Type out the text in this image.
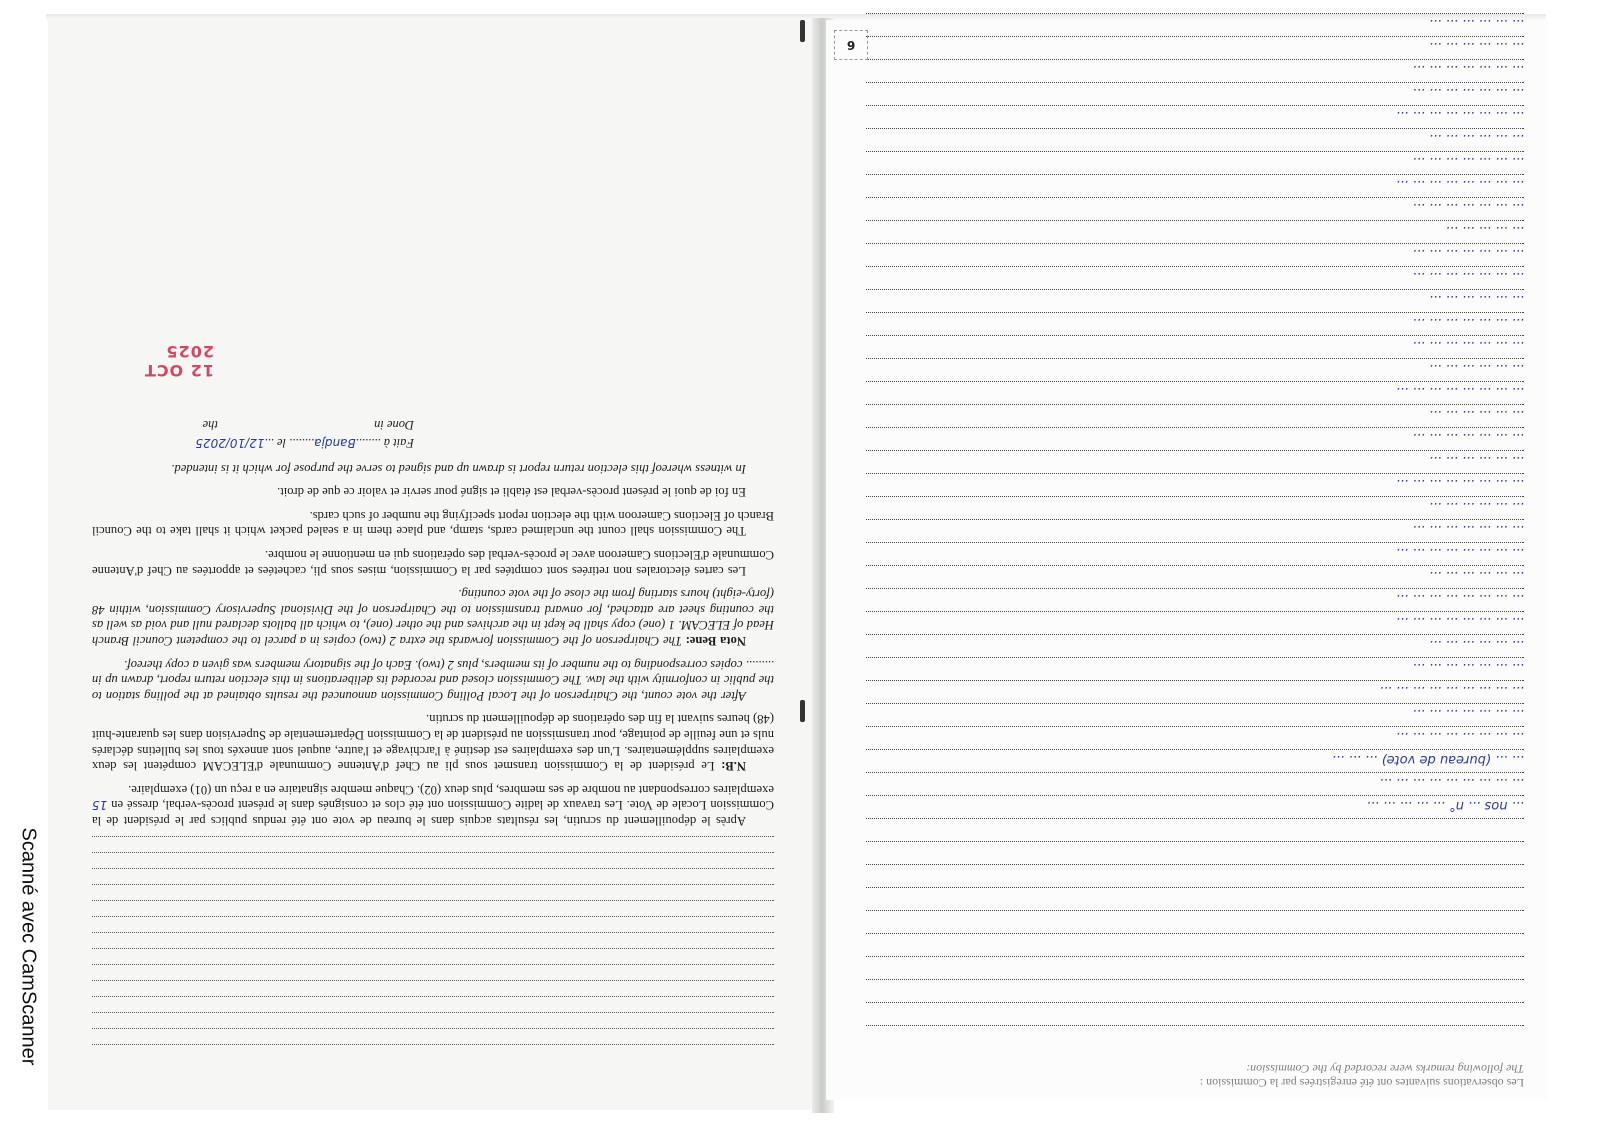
Après le dépouillement du scrutin, les résultats acquis dans le bureau de vote ont été rendus publics par le président de la Commission Locale de Vote. Les travaux de ladite Commission ont été clos et consignés dans le présent procès-verbal, dressé en 15 exemplaires correspondant au nombre de ses membres, plus deux (02). Chaque membre signataire en a reçu un (01) exemplaire.

N.B: Le président de la Commission transmet sous pli au Chef d'Antenne Communale d'ELECAM compétent les deux exemplaires supplémentaires. L'un des exemplaires est destiné à l'archivage et l'autre, auquel sont annexés tous les bulletins déclarés nuls et une feuille de pointage, pour transmission au président de la Commission Départementale de Supervision dans les quarante-huit (48) heures suivant la fin des opérations de dépouillement du scrutin.

After the vote count, the Chairperson of the Local Polling Commission announced the results obtained at the polling station to the public in conformity with the law. The Commission closed and recorded its deliberations in this election return report, drawn up in ......... copies corresponding to the number of its members, plus 2 (two). Each of the signatory members was given a copy thereof.

Nota Bene: The Chairperson of the Commission forwards the extra 2 (two) copies in a parcel to the competent Council Branch Head of ELECAM. 1 (one) copy shall be kept in the archives and the other (one), to which all ballots declared null and void as well as the counting sheet are attached, for onward transmission to the Chairperson of the Divisional Supervisory Commission, within 48 (forty-eight) hours starting from the close of the vote counting.

Les cartes électorales non retirées sont comptées par la Commission, mises sous pli, cachetées et apportées au Chef d'Antenne Communale d'Elections Cameroon avec le procès-verbal des opérations qui en mentionne le nombre.

The Commission shall count the unclaimed cards, stamp, and place them in a sealed packet which it shall take to the Council Branch of Elections Cameroon with the election report specifying the number of such cards.

En foi de quoi le présent procès-verbal est établi et signé pour servir et valoir ce que de droit.

In witness whereof this election return report is drawn up and signed to serve the purpose for which it is intended.

Fait à ........Bandja........ le ...12/10/2025
Done in  the
12 OCT 2025
Les observations suivantes ont été enregistrées par la Commission :
The following remarks were recorded by the Commission:
... nos ... n° ... ... ... ... ...
... ... ... ... ... ... ... ... ...
... ... (bureau de vote) ... ... ...
... ... ... ... ... ... ... ...
... ... ... ... ... ... ...
... ... ... ... ... ... ... ... ...
... ... ... ... ... ... ...
... ... ... ... ... ...
... ... ... ... ... ... ... ...
... ... ... ... ... ... ... ...
... ... ... ... ... ...
... ... ... ... ... ... ... ...
... ... ... ... ... ... ...
... ... ... ... ... ...
... ... ... ... ... ... ... ...
... ... ... ... ... ...
... ... ... ... ... ... ...
... ... ... ... ... ...
... ... ... ... ... ... ... ...
... ... ... ... ... ...
... ... ... ... ... ... ...
... ... ... ... ... ... ...
... ... ... ... ... ...
... ... ... ... ... ... ...
... ... ... ... ... ... ...
... ... ... ... ...
... ... ... ... ... ... ...
... ... ... ... ... ... ... ...
... ... ... ... ... ... ...
... ... ... ... ... ...
... ... ... ... ... ... ... ...
... ... ... ... ... ... ...
... ... ... ... ... ... ...
... ... ... ... ... ...
... ... ... ... ... ...
6
Scanné avec CamScanner
